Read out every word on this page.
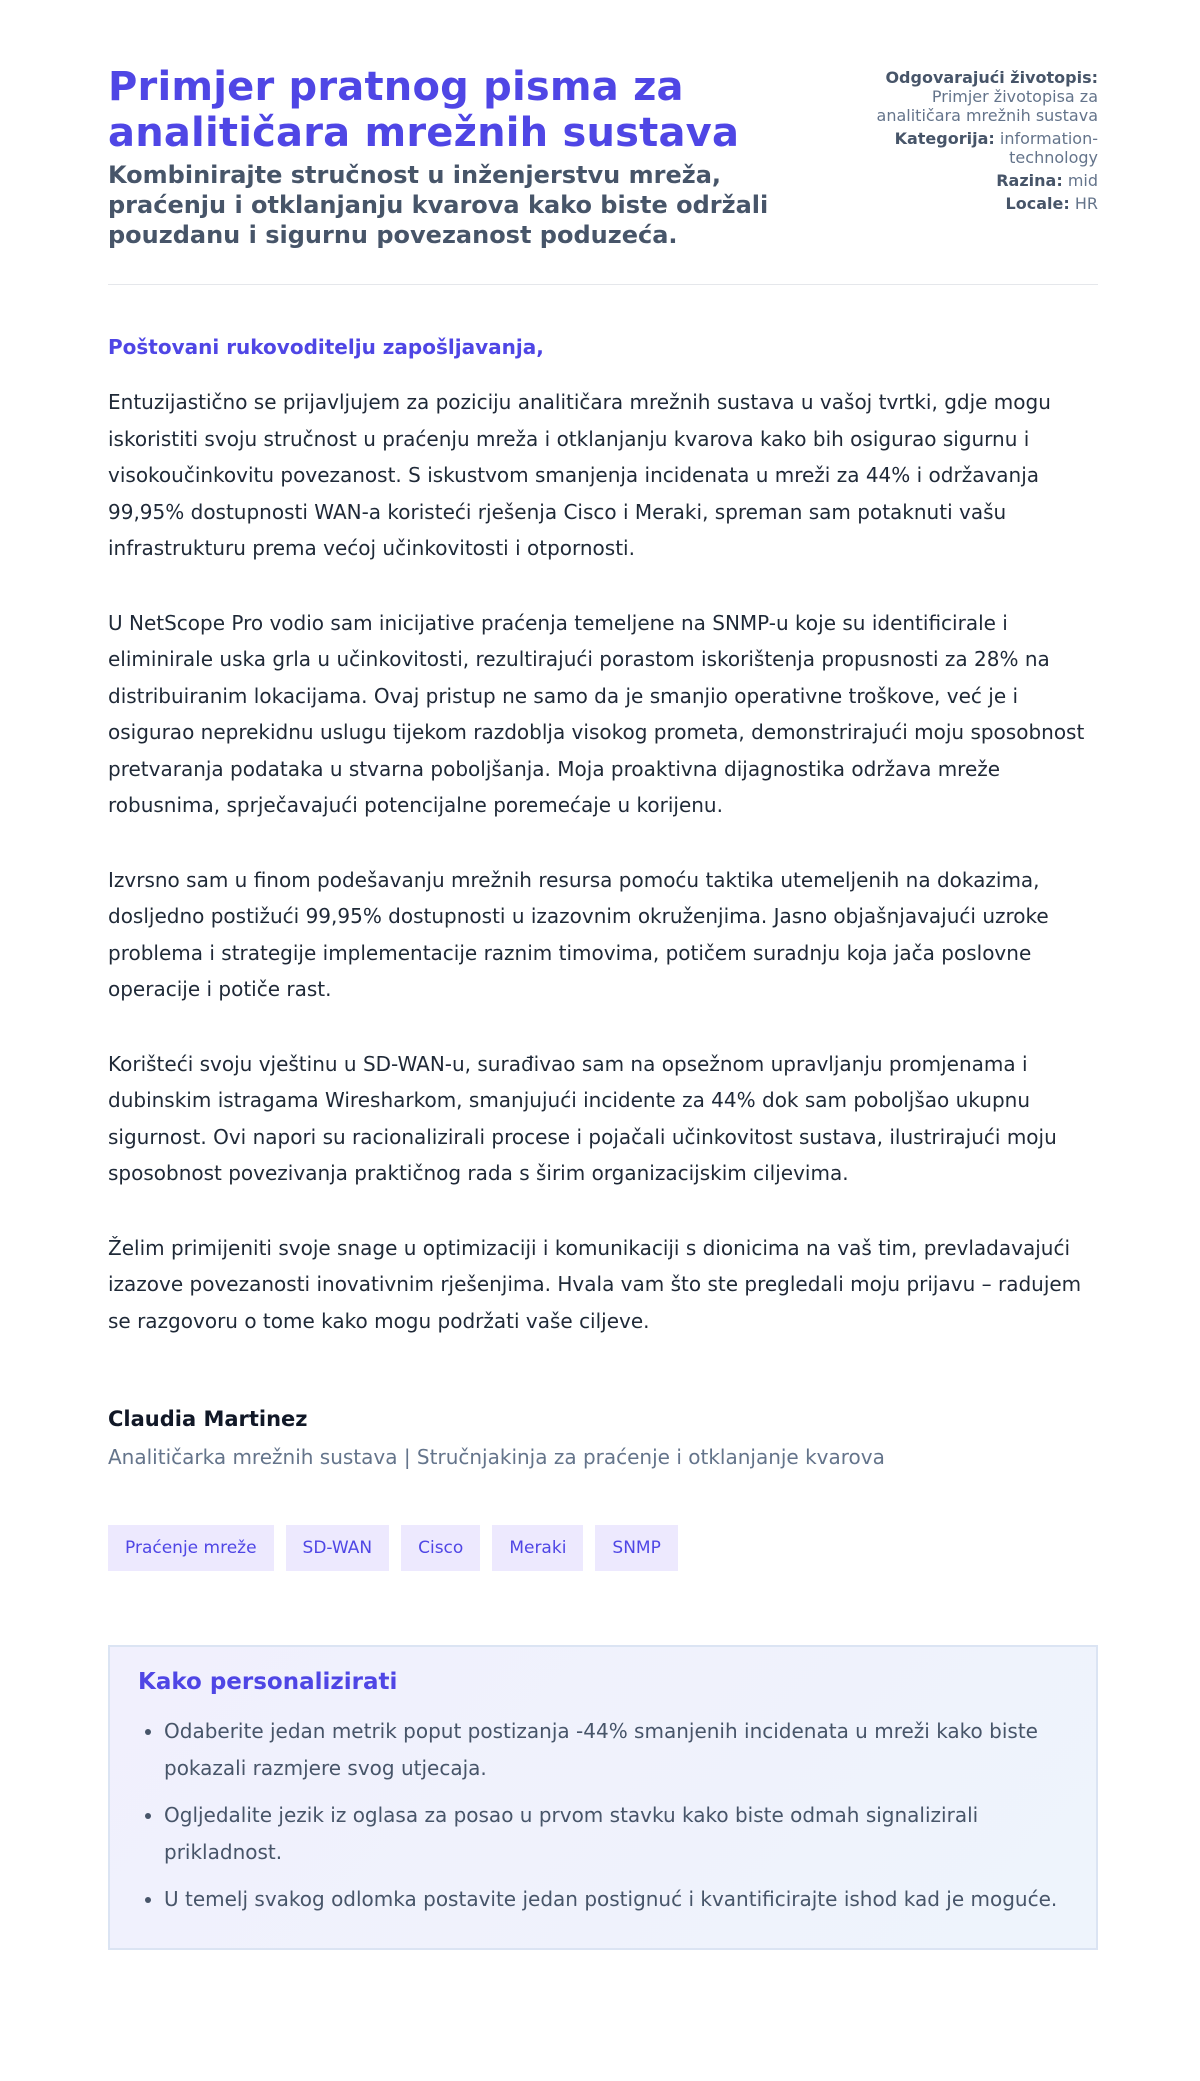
Primjer pratnog pisma za analitičara mrežnih sustava
Kombinirajte stručnost u inženjerstvu mreža, praćenju i otklanjanju kvarova kako biste održali pouzdanu i sigurnu povezanost poduzeća.
Odgovarajući životopis:
Primjer životopisa za analitičara mrežnih sustava
Kategorija: information-technology
Razina: mid
Locale: HR

Poštovani rukovoditelju zapošljavanja,

Entuzijastično se prijavljujem za poziciju analitičara mrežnih sustava u vašoj tvrtki, gdje mogu iskoristiti svoju stručnost u praćenju mreža i otklanjanju kvarova kako bih osigurao sigurnu i visokoučinkovitu povezanost. S iskustvom smanjenja incidenata u mreži za 44% i održavanja 99,95% dostupnosti WAN-a koristeći rješenja Cisco i Meraki, spreman sam potaknuti vašu infrastrukturu prema većoj učinkovitosti i otpornosti.

U NetScope Pro vodio sam inicijative praćenja temeljene na SNMP-u koje su identificirale i eliminirale uska grla u učinkovitosti, rezultirajući porastom iskorištenja propusnosti za 28% na distribuiranim lokacijama. Ovaj pristup ne samo da je smanjio operativne troškove, već je i osigurao neprekidnu uslugu tijekom razdoblja visokog prometa, demonstrirajući moju sposobnost pretvaranja podataka u stvarna poboljšanja. Moja proaktivna dijagnostika održava mreže robusnima, sprječavajući potencijalne poremećaje u korijenu.

Izvrsno sam u finom podešavanju mrežnih resursa pomoću taktika utemeljenih na dokazima, dosljedno postižući 99,95% dostupnosti u izazovnim okruženjima. Jasno objašnjavajući uzroke problema i strategije implementacije raznim timovima, potičem suradnju koja jača poslovne operacije i potiče rast.

Korišteći svoju vještinu u SD-WAN-u, surađivao sam na opsežnom upravljanju promjenama i dubinskim istragama Wiresharkom, smanjujući incidente za 44% dok sam poboljšao ukupnu sigurnost. Ovi napori su racionalizirali procese i pojačali učinkovitost sustava, ilustrirajući moju sposobnost povezivanja praktičnog rada s širim organizacijskim ciljevima.

Želim primijeniti svoje snage u optimizaciji i komunikaciji s dionicima na vaš tim, prevladavajući izazove povezanosti inovativnim rješenjima. Hvala vam što ste pregledali moju prijavu – radujem se razgovoru o tome kako mogu podržati vaše ciljeve.

Claudia Martinez

Analitičarka mrežnih sustava | Stručnjakinja za praćenje i otklanjanje kvarova

Praćenje mreže	SD-WAN	Cisco	Meraki	SNMP
Kako personalizirati
• Odaberite jedan metrik poput postizanja -44% smanjenih incidenata u mreži kako biste pokazali razmjere svog utjecaja.
• Ogljedalite jezik iz oglasa za posao u prvom stavku kako biste odmah signalizirali prikladnost.
• U temelj svakog odlomka postavite jedan postignuć i kvantificirajte ishod kad je moguće.
